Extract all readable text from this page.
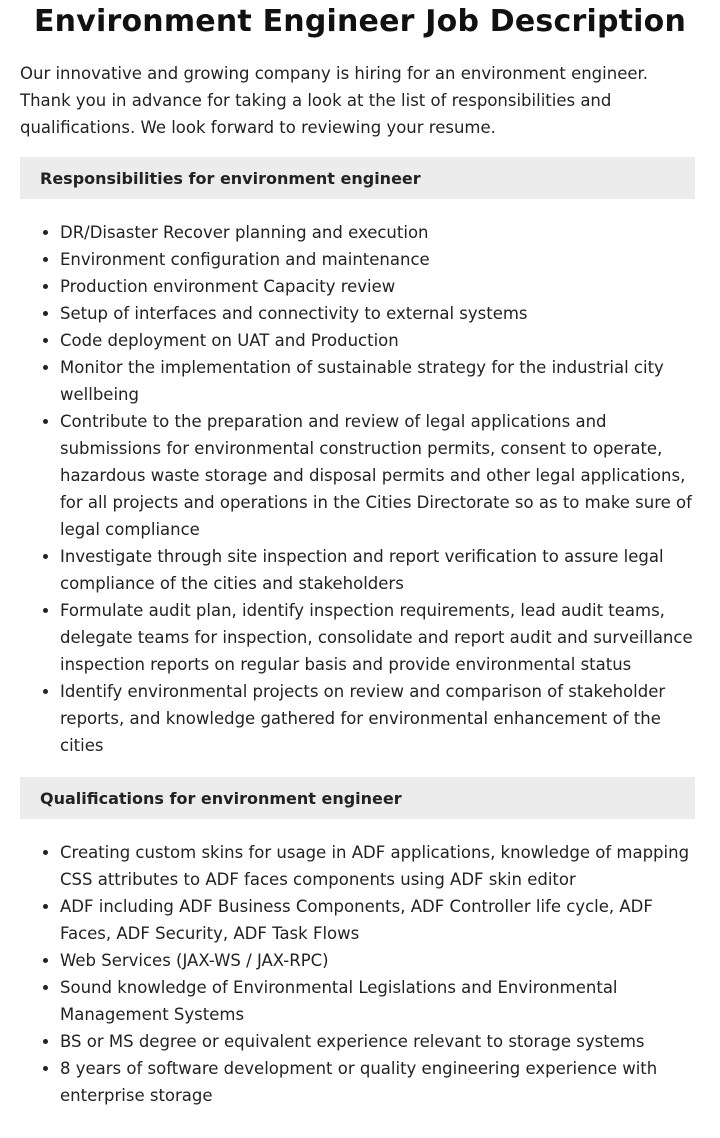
Environment Engineer Job Description

Our innovative and growing company is hiring for an environment engineer. Thank you in advance for taking a look at the list of responsibilities and qualifications. We look forward to reviewing your resume.

Responsibilities for environment engineer
DR/Disaster Recover planning and execution
Environment configuration and maintenance
Production environment Capacity review
Setup of interfaces and connectivity to external systems
Code deployment on UAT and Production
Monitor the implementation of sustainable strategy for the industrial city wellbeing
Contribute to the preparation and review of legal applications and submissions for environmental construction permits, consent to operate, hazardous waste storage and disposal permits and other legal applications, for all projects and operations in the Cities Directorate so as to make sure of legal compliance
Investigate through site inspection and report verification to assure legal compliance of the cities and stakeholders
Formulate audit plan, identify inspection requirements, lead audit teams, delegate teams for inspection, consolidate and report audit and surveillance inspection reports on regular basis and provide environmental status
Identify environmental projects on review and comparison of stakeholder reports, and knowledge gathered for environmental enhancement of the cities
Qualifications for environment engineer
Creating custom skins for usage in ADF applications, knowledge of mapping CSS attributes to ADF faces components using ADF skin editor
ADF including ADF Business Components, ADF Controller life cycle, ADF Faces, ADF Security, ADF Task Flows
Web Services (JAX-WS / JAX-RPC)
Sound knowledge of Environmental Legislations and Environmental Management Systems
BS or MS degree or equivalent experience relevant to storage systems
8 years of software development or quality engineering experience with enterprise storage
